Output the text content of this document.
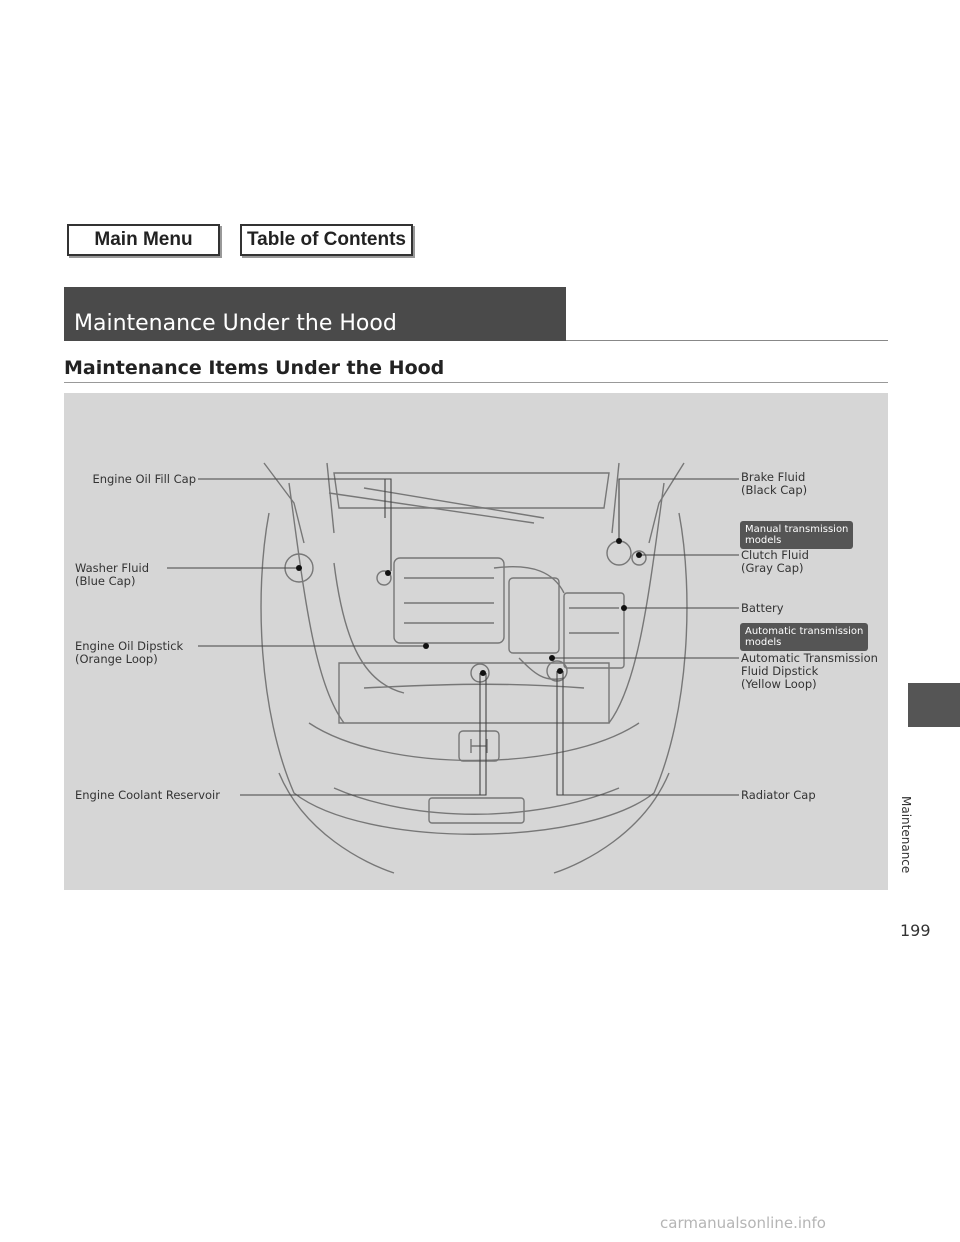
Main Menu	Table of Contents
Maintenance Under the Hood
Maintenance Items Under the Hood
Engine Oil Fill Cap
Washer Fluid
(Blue Cap)
Engine Oil Dipstick
(Orange Loop)
Engine Coolant Reservoir
Brake Fluid
(Black Cap)
Manual transmission
models
Clutch Fluid
(Gray Cap)
Battery
Automatic transmission
models
Automatic Transmission
Fluid Dipstick
(Yellow Loop)
Radiator Cap
Maintenance
199
carmanualsonline.info
